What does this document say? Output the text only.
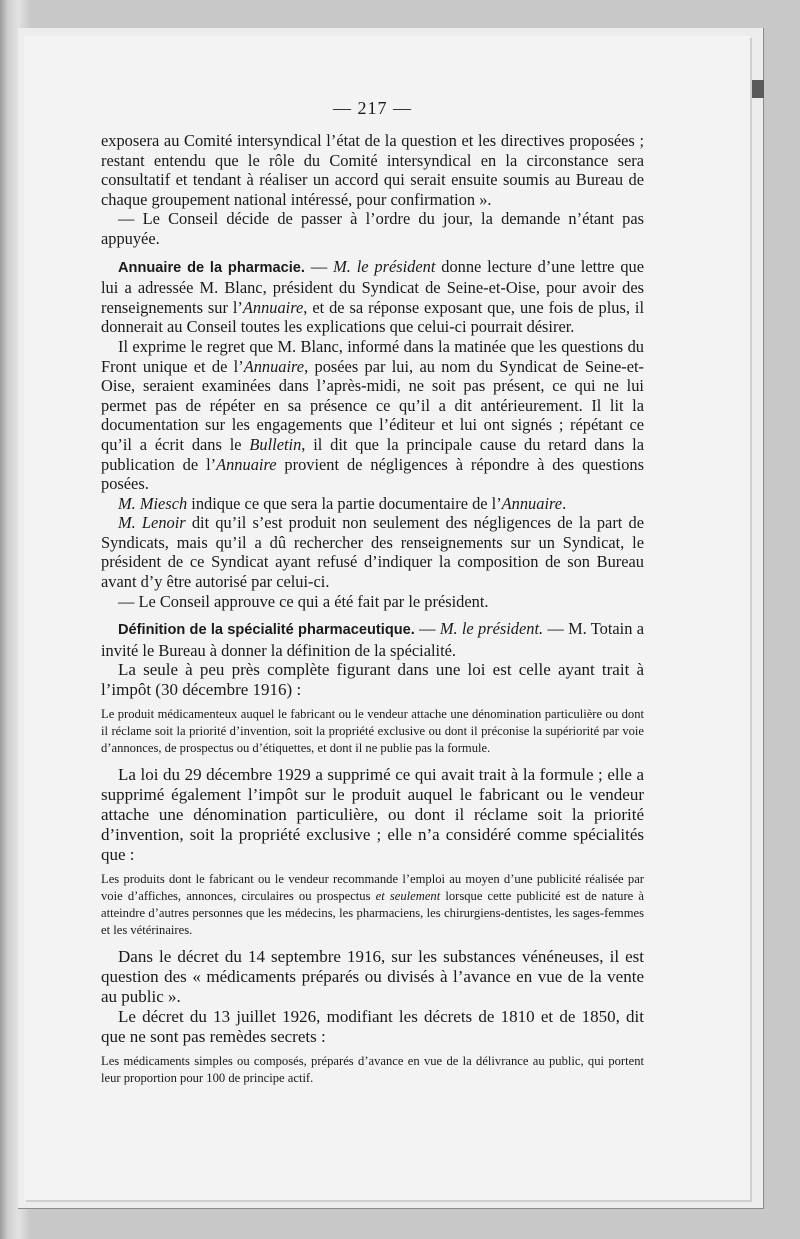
— 217 —

exposera au Comité intersyndical l’état de la question et les directives proposées ; restant entendu que le rôle du Comité intersyndical en la circonstance sera consultatif et tendant à réaliser un accord qui serait ensuite soumis au Bureau de chaque groupement national intéressé, pour confirmation ».

— Le Conseil décide de passer à l’ordre du jour, la demande n’étant pas appuyée.

Annuaire de la pharmacie. — M. le président donne lecture d’une lettre que lui a adressée M. Blanc, président du Syndicat de Seine-et-Oise, pour avoir des renseignements sur l’Annuaire, et de sa réponse exposant que, une fois de plus, il donnerait au Conseil toutes les explications que celui-ci pourrait désirer.

Il exprime le regret que M. Blanc, informé dans la matinée que les questions du Front unique et de l’Annuaire, posées par lui, au nom du Syndicat de Seine-et-Oise, seraient examinées dans l’après-midi, ne soit pas présent, ce qui ne lui permet pas de répéter en sa présence ce qu’il a dit antérieurement. Il lit la documentation sur les engagements que l’éditeur et lui ont signés ; répétant ce qu’il a écrit dans le Bulletin, il dit que la principale cause du retard dans la publication de l’Annuaire provient de négligences à répondre à des questions posées.

M. Miesch indique ce que sera la partie documentaire de l’Annuaire.

M. Lenoir dit qu’il s’est produit non seulement des négligences de la part de Syndicats, mais qu’il a dû rechercher des renseignements sur un Syndicat, le président de ce Syndicat ayant refusé d’indiquer la composition de son Bureau avant d’y être autorisé par celui-ci.

— Le Conseil approuve ce qui a été fait par le président.

Définition de la spécialité pharmaceutique. — M. le président. — M. Totain a invité le Bureau à donner la définition de la spécialité.

La seule à peu près complète figurant dans une loi est celle ayant trait à l’impôt (30 décembre 1916) :

Le produit médicamenteux auquel le fabricant ou le vendeur attache une dénomination particulière ou dont il réclame soit la priorité d’invention, soit la propriété exclusive ou dont il préconise la supériorité par voie d’annonces, de prospectus ou d’étiquettes, et dont il ne publie pas la formule.

La loi du 29 décembre 1929 a supprimé ce qui avait trait à la formule ; elle a supprimé également l’impôt sur le produit auquel le fabricant ou le vendeur attache une dénomination particulière, ou dont il réclame soit la priorité d’invention, soit la propriété exclusive ; elle n’a considéré comme spécialités que :

Les produits dont le fabricant ou le vendeur recommande l’emploi au moyen d’une publicité réalisée par voie d’affiches, annonces, circulaires ou prospectus et seulement lorsque cette publicité est de nature à atteindre d’autres personnes que les médecins, les pharmaciens, les chirurgiens-dentistes, les sages-femmes et les vétérinaires.

Dans le décret du 14 septembre 1916, sur les substances vénéneuses, il est question des « médicaments préparés ou divisés à l’avance en vue de la vente au public ».

Le décret du 13 juillet 1926, modifiant les décrets de 1810 et de 1850, dit que ne sont pas remèdes secrets :

Les médicaments simples ou composés, préparés d’avance en vue de la délivrance au public, qui portent leur proportion pour 100 de principe actif.
